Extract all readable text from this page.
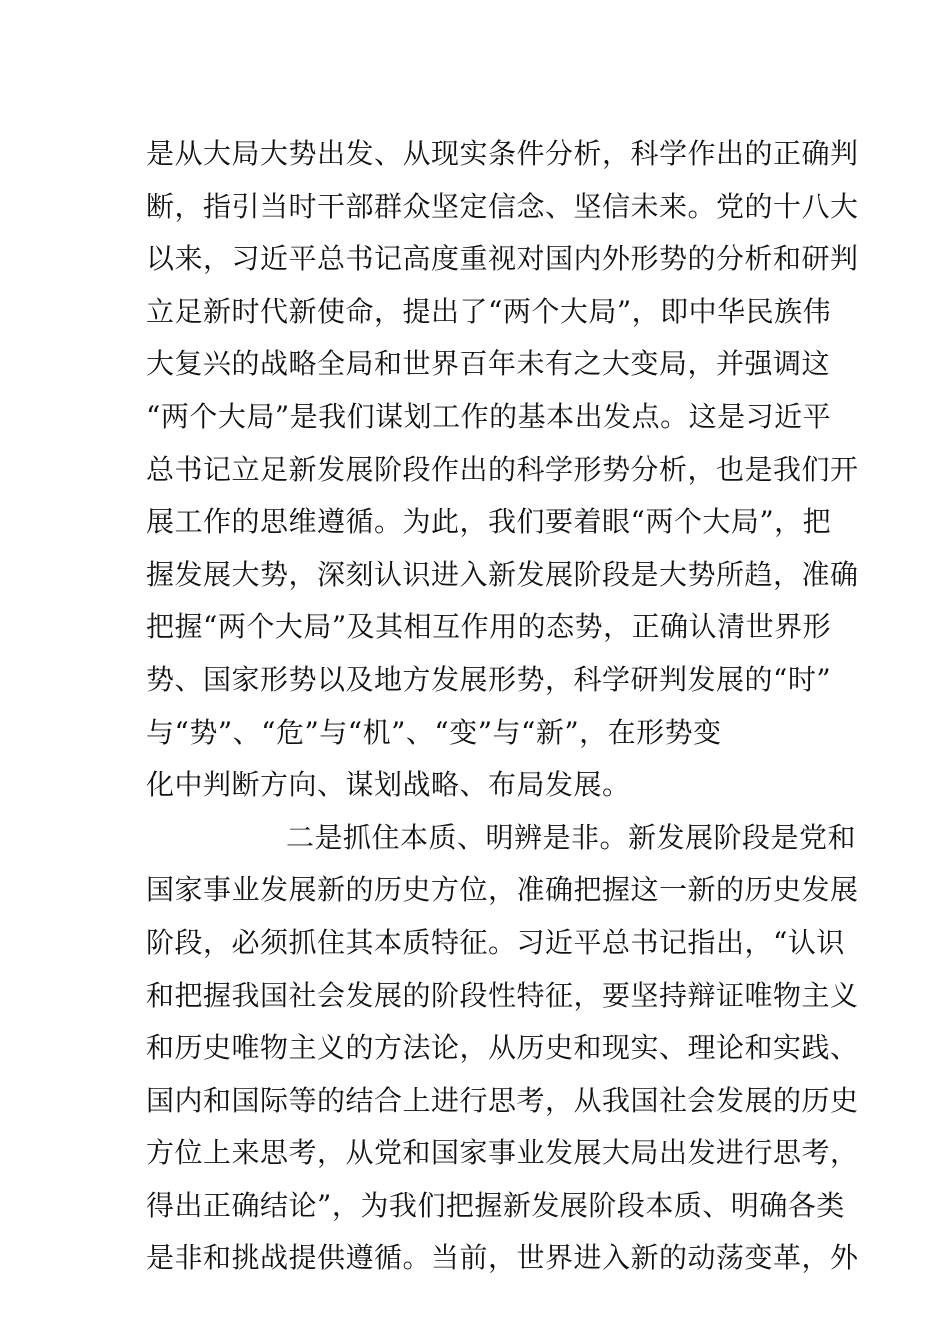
是从大局大势出发、从现实条件分析，科学作出的正确判
断，指引当时干部群众坚定信念、坚信未来。党的十八大
以来，习近平总书记高度重视对国内外形势的分析和研判
立足新时代新使命，提出了“两个大局”，即中华民族伟
大复兴的战略全局和世界百年未有之大变局，并强调这
“两个大局”是我们谋划工作的基本出发点。这是习近平
总书记立足新发展阶段作出的科学形势分析，也是我们开
展工作的思维遵循。为此，我们要着眼“两个大局”，把
握发展大势，深刻认识进入新发展阶段是大势所趋，准确
把握“两个大局”及其相互作用的态势，正确认清世界形
势、国家形势以及地方发展形势，科学研判发展的“时”
与“势”、“危”与“机”、“变”与“新”，在形势变
化中判断方向、谋划战略、布局发展。
二是抓住本质、明辨是非。新发展阶段是党和
国家事业发展新的历史方位，准确把握这一新的历史发展
阶段，必须抓住其本质特征。习近平总书记指出，“认识
和把握我国社会发展的阶段性特征，要坚持辩证唯物主义
和历史唯物主义的方法论，从历史和现实、理论和实践、
国内和国际等的结合上进行思考，从我国社会发展的历史
方位上来思考，从党和国家事业发展大局出发进行思考，
得出正确结论”，为我们把握新发展阶段本质、明确各类
是非和挑战提供遵循。当前，世界进入新的动荡变革，外
